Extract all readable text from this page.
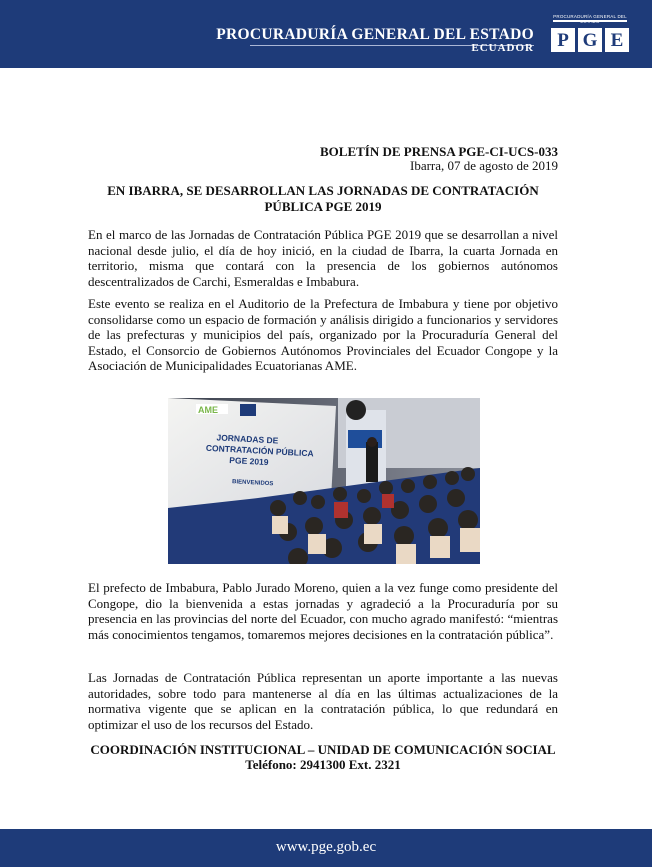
PROCURADURÍA GENERAL DEL ESTADO
ECUADOR
PROCURADURÍA GENERAL DEL ESTADO
P G E
BOLETÍN DE PRENSA PGE-CI-UCS-033
Ibarra, 07 de agosto de 2019
EN IBARRA, SE DESARROLLAN LAS JORNADAS DE CONTRATACIÓN PÚBLICA PGE 2019

En el marco de las Jornadas de Contratación Pública PGE 2019 que se desarrollan a nivel nacional desde julio, el día de hoy inició, en la ciudad de Ibarra, la cuarta Jornada en territorio, misma que contará con la presencia de los gobiernos autónomos descentralizados de Carchi, Esmeraldas e Imbabura.

Este evento se realiza en el Auditorio de la Prefectura de Imbabura y tiene por objetivo consolidarse como un espacio de formación y análisis dirigido a funcionarios y servidores de las prefecturas y municipios del país, organizado por la Procuraduría General del Estado, el Consorcio de Gobiernos Autónomos Provinciales del Ecuador Congope y la Asociación de Municipalidades Ecuatorianas AME.

AME
JORNADAS DE CONTRATACIÓN PÚBLICA PGE 2019
BIENVENIDOS

El prefecto de Imbabura, Pablo Jurado Moreno, quien a la vez funge como presidente del Congope, dio la bienvenida a estas jornadas y agradeció a la Procuraduría por su presencia en las provincias del norte del Ecuador, con mucho agrado manifestó: “mientras más conocimientos tengamos, tomaremos mejores decisiones en la contratación pública”.

Las Jornadas de Contratación Pública representan un aporte importante a las nuevas autoridades, sobre todo para mantenerse al día en las últimas actualizaciones de la normativa vigente que se aplican en la contratación pública, lo que redundará en optimizar el uso de los recursos del Estado.

COORDINACIÓN INSTITUCIONAL – UNIDAD DE COMUNICACIÓN SOCIAL
Teléfono: 2941300 Ext. 2321
www.pge.gob.ec
